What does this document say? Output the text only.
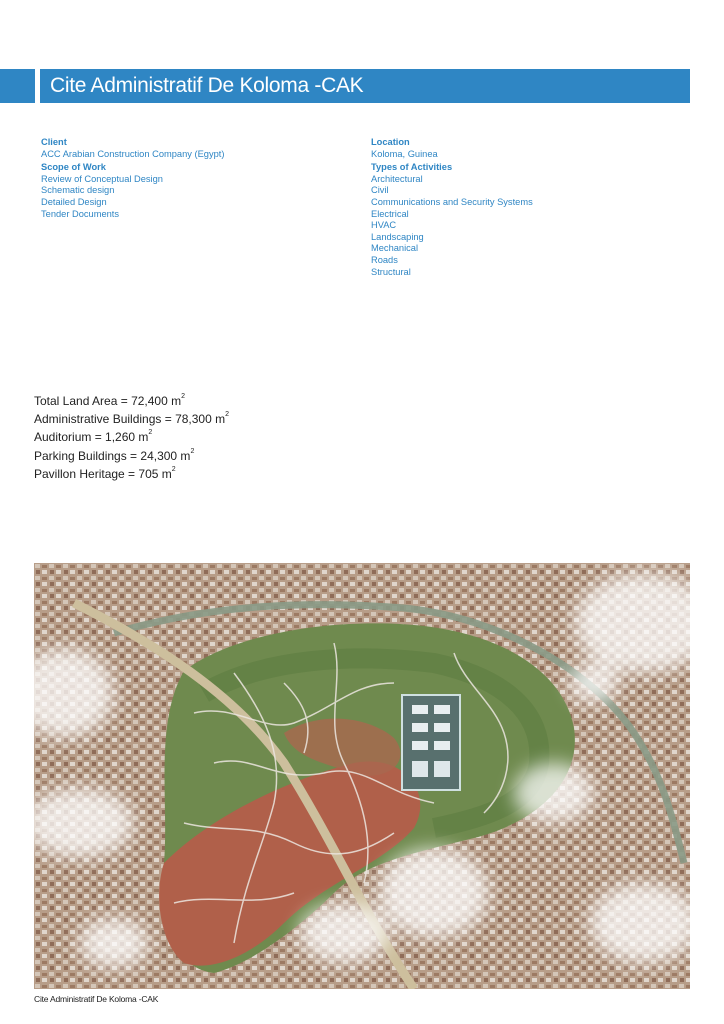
Cite Administratif De Koloma -CAK
Client
ACC Arabian Construction Company (Egypt)
Scope of Work
Review of Conceptual Design
Schematic design
Detailed Design
Tender Documents
Location
Koloma, Guinea
Types of Activities
Architectural
Civil
Communications and Security Systems
Electrical
HVAC
Landscaping
Mechanical
Roads
Structural
Total Land Area = 72,400 $m^2$
Administrative Buildings = 78,300 $m^2$
Auditorium = 1,260 $m^2$
Parking Buildings = 24,300 $m^2$
Pavillon Heritage = 705 $m^2$
Cite Administratif De Koloma -CAK
